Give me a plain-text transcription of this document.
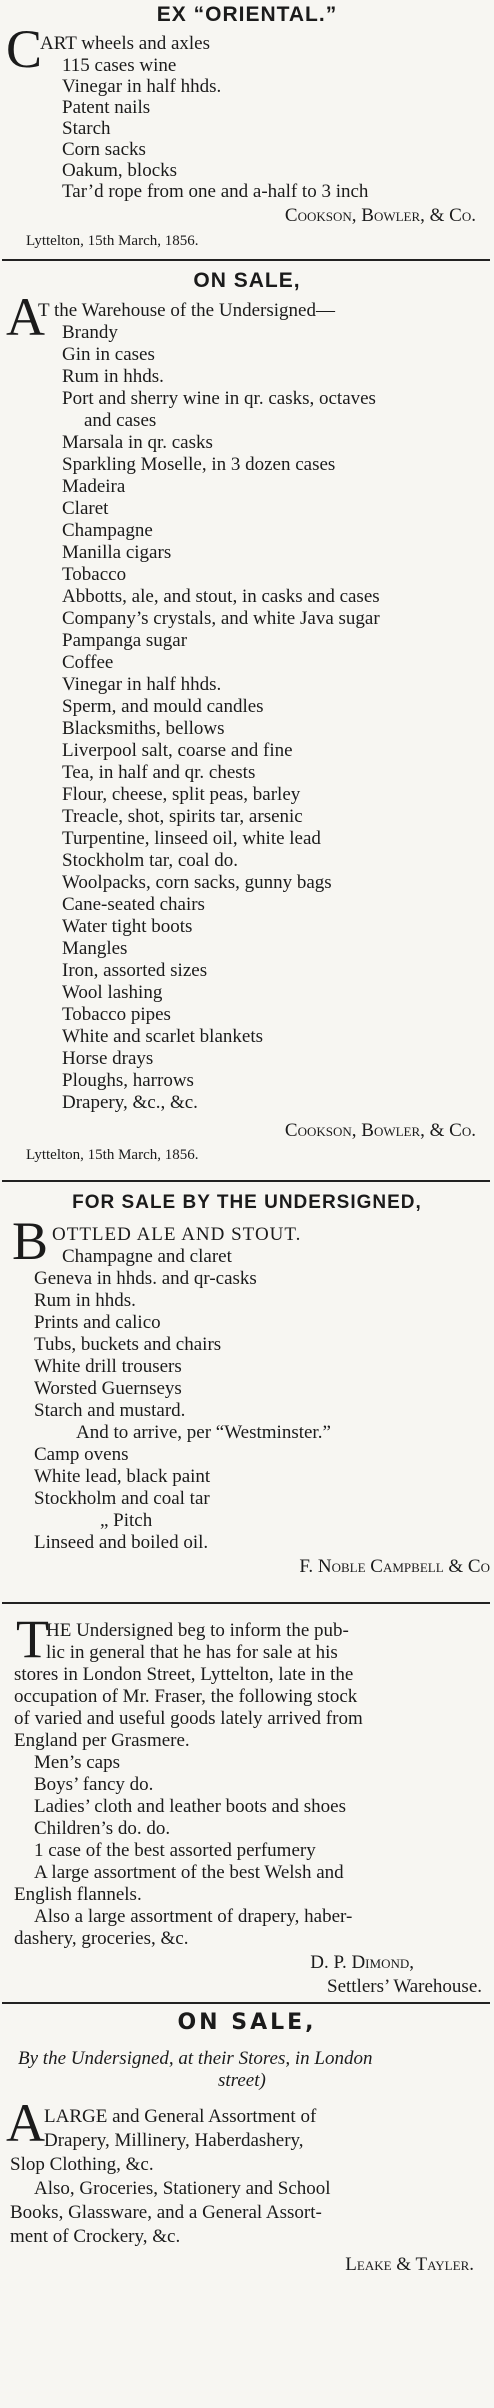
EX “ORIENTAL.”
C
ART wheels and axles
115 cases wine
Vinegar in half hhds.
Patent nails
Starch
Corn sacks
Oakum, blocks
Tar’d rope from one and a-half to 3 inch
Cookson, Bowler, & Co.
Lyttelton, 15th March, 1856.
ON SALE,
A
T the Warehouse of the Undersigned—
Brandy
Gin in cases
Rum in hhds.
Port and sherry wine in qr. casks, octaves
and cases
Marsala in qr. casks
Sparkling Moselle, in 3 dozen cases
Madeira
Claret
Champagne
Manilla cigars
Tobacco
Abbotts, ale, and stout, in casks and cases
Company’s crystals, and white Java sugar
Pampanga sugar
Coffee
Vinegar in half hhds.
Sperm, and mould candles
Blacksmiths, bellows
Liverpool salt, coarse and fine
Tea, in half and qr. chests
Flour, cheese, split peas, barley
Treacle, shot, spirits tar, arsenic
Turpentine, linseed oil, white lead
Stockholm tar, coal do.
Woolpacks, corn sacks, gunny bags
Cane-seated chairs
Water tight boots
Mangles
Iron, assorted sizes
Wool lashing
Tobacco pipes
White and scarlet blankets
Horse drays
Ploughs, harrows
Drapery, &c., &c.
Cookson, Bowler, & Co.
Lyttelton, 15th March, 1856.
FOR SALE BY THE UNDERSIGNED,
B OTTLED ALE AND STOUT.
Champagne and claret
Geneva in hhds. and qr-casks
Rum in hhds.
Prints and calico
Tubs, buckets and chairs
White drill trousers
Worsted Guernseys
Starch and mustard.
And to arrive, per “Westminster.”
Camp ovens
White lead, black paint
Stockholm and coal tar
„ Pitch
Linseed and boiled oil.
F. Noble Campbell & Co
T
HE Undersigned beg to inform the pub-
lic in general that he has for sale at his
stores in London Street, Lyttelton, late in the
occupation of Mr. Fraser, the following stock
of varied and useful goods lately arrived from
England per Grasmere.
Men’s caps
Boys’ fancy do.
Ladies’ cloth and leather boots and shoes
Children’s do. do.
1 case of the best assorted perfumery
A large assortment of the best Welsh and
English flannels.
Also a large assortment of drapery, haber-
dashery, groceries, &c.
D. P. Dimond,
Settlers’ Warehouse.
ON SALE,
By the Undersigned, at their Stores, in London
street)
A LARGE and General Assortment of
Drapery, Millinery, Haberdashery,
Slop Clothing, &c.
Also, Groceries, Stationery and School
Books, Glassware, and a General Assort-
ment of Crockery, &c.
Leake & Tayler.
